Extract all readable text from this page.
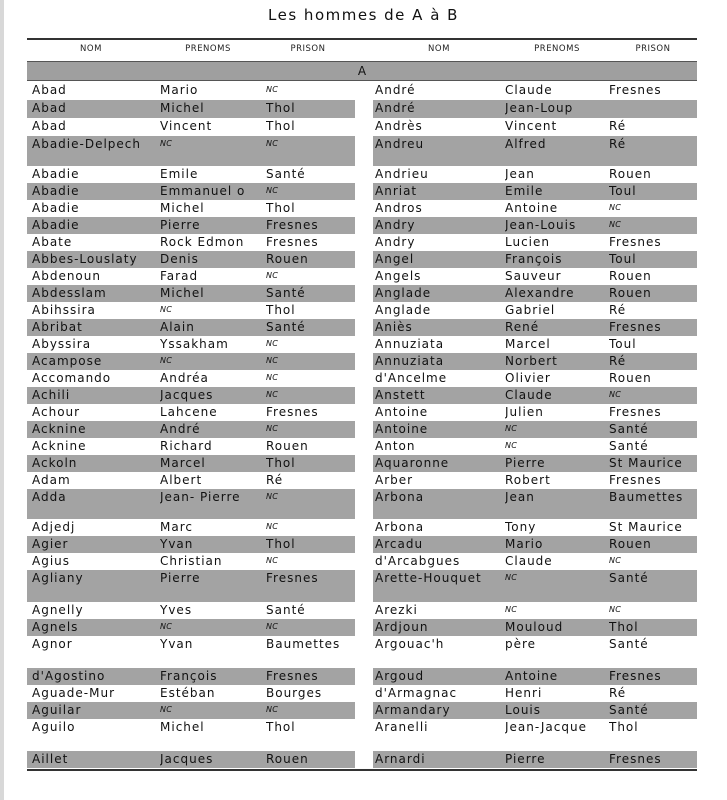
Les hommes de A à B
NOM	PRENOMS	PRISON	NOM	PRENOMS	PRISON
A
Abad	Mario	NC	André	Claude	Fresnes
Abad	Michel	Thol	André	Jean-Loup
Abad	Vincent	Thol	Andrès	Vincent	Ré
Abadie-Delpech	NC	NC	Andreu	Alfred	Ré
Abadie	Emile	Santé	Andrieu	Jean	Rouen
Abadie	Emmanuel o	NC	Anriat	Emile	Toul
Abadie	Michel	Thol	Andros	Antoine	NC
Abadie	Pierre	Fresnes	Andry	Jean-Louis	NC
Abate	Rock Edmon	Fresnes	Andry	Lucien	Fresnes
Abbes-Louslaty	Denis	Rouen	Angel	François	Toul
Abdenoun	Farad	NC	Angels	Sauveur	Rouen
Abdesslam	Michel	Santé	Anglade	Alexandre	Rouen
Abihssira	NC	Thol	Anglade	Gabriel	Ré
Abribat	Alain	Santé	Aniès	René	Fresnes
Abyssira	Yssakham	NC	Annuziata	Marcel	Toul
Acampose	NC	NC	Annuziata	Norbert	Ré
Accomando	Andréa	NC	d'Ancelme	Olivier	Rouen
Achili	Jacques	NC	Anstett	Claude	NC
Achour	Lahcene	Fresnes	Antoine	Julien	Fresnes
Acknine	André	NC	Antoine	NC	Santé
Acknine	Richard	Rouen	Anton	NC	Santé
Ackoln	Marcel	Thol	Aquaronne	Pierre	St Maurice
Adam	Albert	Ré	Arber	Robert	Fresnes
Adda	Jean- Pierre	NC	Arbona	Jean	Baumettes
Adjedj	Marc	NC	Arbona	Tony	St Maurice
Agier	Yvan	Thol	Arcadu	Mario	Rouen
Agius	Christian	NC	d'Arcabgues	Claude	NC
Agliany	Pierre	Fresnes	Arette-Houquet	NC	Santé
Agnelly	Yves	Santé	Arezki	NC	NC
Agnels	NC	NC	Ardjoun	Mouloud	Thol
Agnor	Yvan	Baumettes	Argouac'h	père	Santé
d'Agostino	François	Fresnes	Argoud	Antoine	Fresnes
Aguade-Mur	Estéban	Bourges	d'Armagnac	Henri	Ré
Aguilar	NC	NC	Armandary	Louis	Santé
Aguilo	Michel	Thol	Aranelli	Jean-Jacque	Thol
Aillet	Jacques	Rouen	Arnardi	Pierre	Fresnes
